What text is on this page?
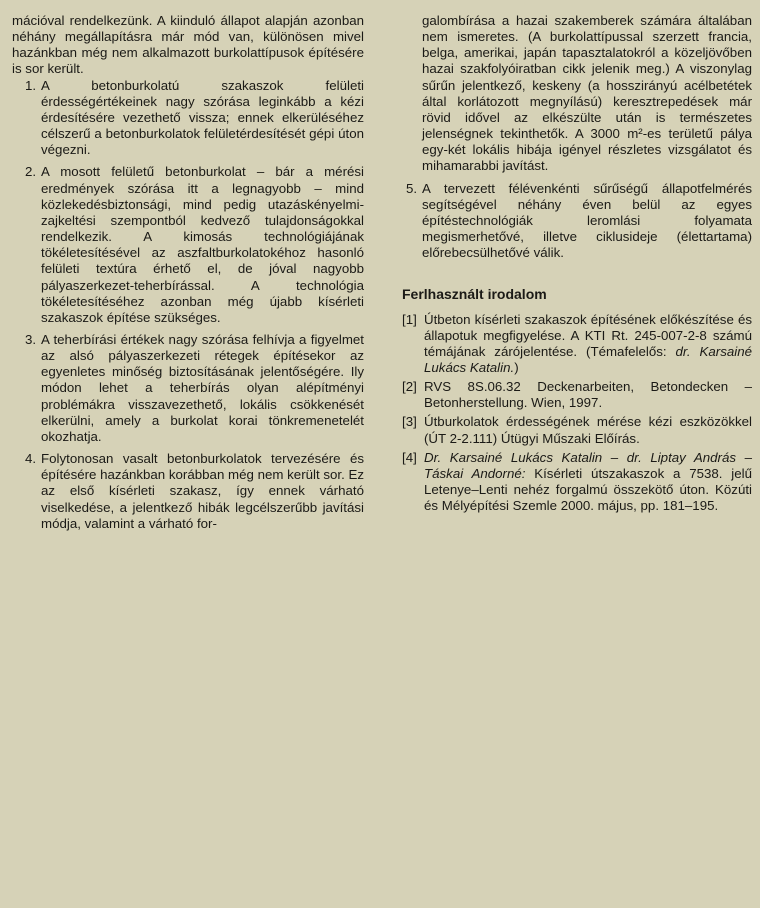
mációval rendelkezünk. A kiinduló állapot alapján azonban néhány megállapításra már mód van, különösen mivel hazánkban még nem alkalmazott burkolattípusok építésére is sor került.

1. A betonburkolatú szakaszok felületi érdességértékeinek nagy szórása leginkább a kézi érdesítésére vezethető vissza; ennek elkerüléséhez célszerű a betonburkolatok felületérdesítését gépi úton végezni.
2. A mosott felületű betonburkolat – bár a mérési eredmények szórása itt a legnagyobb – mind közlekedésbiztonsági, mind pedig utazáskényelmi-zajkeltési szempontból kedvező tulajdonságokkal rendelkezik. A kimosás technológiájának tökéletesítésével az aszfaltburkolatokéhoz hasonló felületi textúra érhető el, de jóval nagyobb pályaszerkezet-teherbírással. A technológia tökéletesítéséhez azonban még újabb kísérleti szakaszok építése szükséges.
3. A teherbírási értékek nagy szórása felhívja a figyelmet az alsó pályaszerkezeti rétegek építésekor az egyenletes minőség biztosításának jelentőségére. Ily módon lehet a teherbírás olyan alépítményi problémákra visszavezethető, lokális csökkenését elkerülni, amely a burkolat korai tönkremenetelét okozhatja.
4. Folytonosan vasalt betonburkolatok tervezésére és építésére hazánkban korábban még nem került sor. Ez az első kísérleti szakasz, így ennek várható viselkedése, a jelentkező hibák legcélszerűbb javítási módja, valamint a várható for-
galombírása a hazai szakemberek számára általában nem ismeretes. (A burkolattípussal szerzett francia, belga, amerikai, japán tapasztalatokról a közeljövőben hazai szakfolyóiratban cikk jelenik meg.) A viszonylag sűrűn jelentkező, keskeny (a hosszirányú acélbetétek által korlátozott megnyílású) keresztrepedések már rövid idővel az elkészülte után is természetes jelenségnek tekinthetők. A 3000 m²-es területű pálya egy-két lokális hibája igényel részletes vizsgálatot és mihamarabbi javítást.
5. A tervezett félévenkénti sűrűségű állapotfelmérés segítségével néhány éven belül az egyes építéstechnológiák leromlási folyamata megismerhetővé, illetve ciklusideje (élettartama) előrebecsülhetővé válik.
Ferlhasznált irodalom
[1] Útbeton kísérleti szakaszok építésének előkészítése és állapotuk megfigyelése. A KTI Rt. 245-007-2-8 számú témájának zárójelentése. (Témafelelős: dr. Karsainé Lukács Katalin.)
[2] RVS 8S.06.32 Deckenarbeiten, Betondecken – Betonherstellung. Wien, 1997.
[3] Útburkolatok érdességének mérése kézi eszközökkel (ÚT 2-2.111) Útügyi Műszaki Előírás.
[4] Dr. Karsainé Lukács Katalin – dr. Liptay András – Táskai Andorné: Kísérleti útszakaszok a 7538. jelű Letenye–Lenti nehéz forgalmú összekötő úton. Közúti és Mélyépítési Szemle 2000. május, pp. 181–195.
